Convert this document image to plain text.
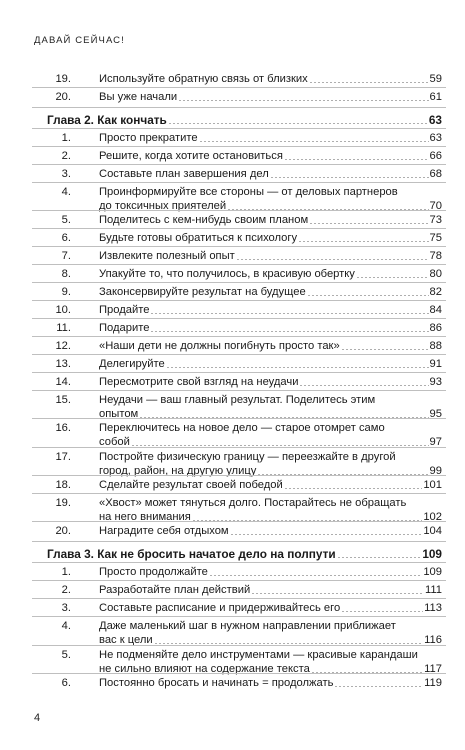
ДАВАЙ СЕЙЧАС!
19.	Используйте обратную связь от близких	59
20.	Вы уже начали	61
Глава 2. Как кончать	63
1.	Просто прекратите	63
2.	Решите, когда хотите остановиться	66
3.	Составьте план завершения дел	68
4.	Проинформируйте все стороны — от деловых партнеров
до токсичных приятелей	70
5.	Поделитесь с кем-нибудь своим планом	73
6.	Будьте готовы обратиться к психологу	75
7.	Извлеките полезный опыт	78
8.	Упакуйте то, что получилось, в красивую обертку	80
9.	Законсервируйте результат на будущее	82
10.	Продайте	84
11.	Подарите	86
12.	«Наши дети не должны погибнуть просто так»	88
13.	Делегируйте	91
14.	Пересмотрите свой взгляд на неудачи	93
15.	Неудачи — ваш главный результат. Поделитесь этим
опытом	95
16.	Переключитесь на новое дело — старое отомрет само
собой	97
17.	Постройте физическую границу — переезжайте в другой
город, район, на другую улицу	99
18.	Сделайте результат своей победой	101
19.	«Хвост» может тянуться долго. Постарайтесь не обращать
на него внимания	102
20.	Наградите себя отдыхом	104
Глава 3. Как не бросить начатое дело на полпути	109
1.	Просто продолжайте	109
2.	Разработайте план действий	111
3.	Составьте расписание и придерживайтесь его	113
4.	Даже маленький шаг в нужном направлении приближает
вас к цели	116
5.	Не подменяйте дело инструментами — красивые карандаши
не сильно влияют на содержание текста	117
6.	Постоянно бросать и начинать = продолжать	119
4
